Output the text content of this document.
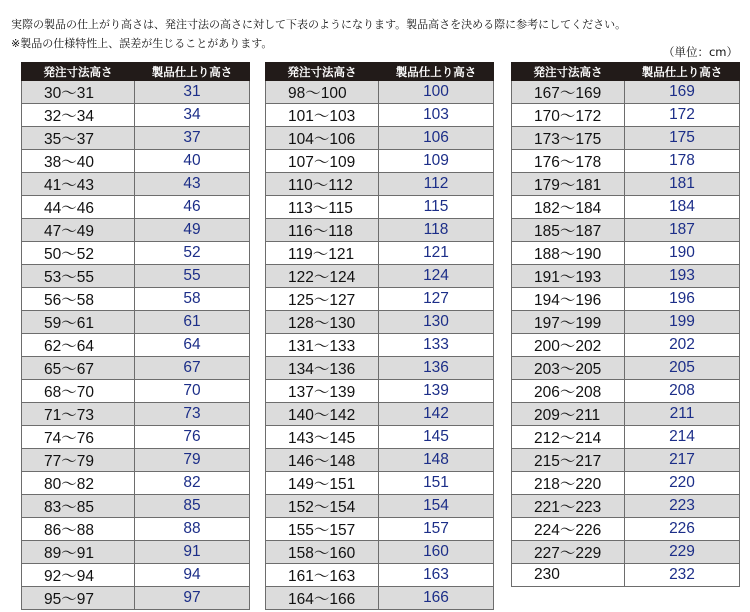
実際の製品の仕上がり高さは、発注寸法の高さに対して下表のようになります。製品高さを決める際に参考にしてください。
※製品の仕様特性上、誤差が生じることがあります。
（単位：cm）
発注寸法高さ	製品仕上り高さ
30～31	31
32～34	34
35～37	37
38～40	40
41～43	43
44～46	46
47～49	49
50～52	52
53～55	55
56～58	58
59～61	61
62～64	64
65～67	67
68～70	70
71～73	73
74～76	76
77～79	79
80～82	82
83～85	85
86～88	88
89～91	91
92～94	94
95～97	97
発注寸法高さ	製品仕上り高さ
98～100	100
101～103	103
104～106	106
107～109	109
110～112	112
113～115	115
116～118	118
119～121	121
122～124	124
125～127	127
128～130	130
131～133	133
134～136	136
137～139	139
140～142	142
143～145	145
146～148	148
149～151	151
152～154	154
155～157	157
158～160	160
161～163	163
164～166	166
発注寸法高さ	製品仕上り高さ
167～169	169
170～172	172
173～175	175
176～178	178
179～181	181
182～184	184
185～187	187
188～190	190
191～193	193
194～196	196
197～199	199
200～202	202
203～205	205
206～208	208
209～211	211
212～214	214
215～217	217
218～220	220
221～223	223
224～226	226
227～229	229
230	232
